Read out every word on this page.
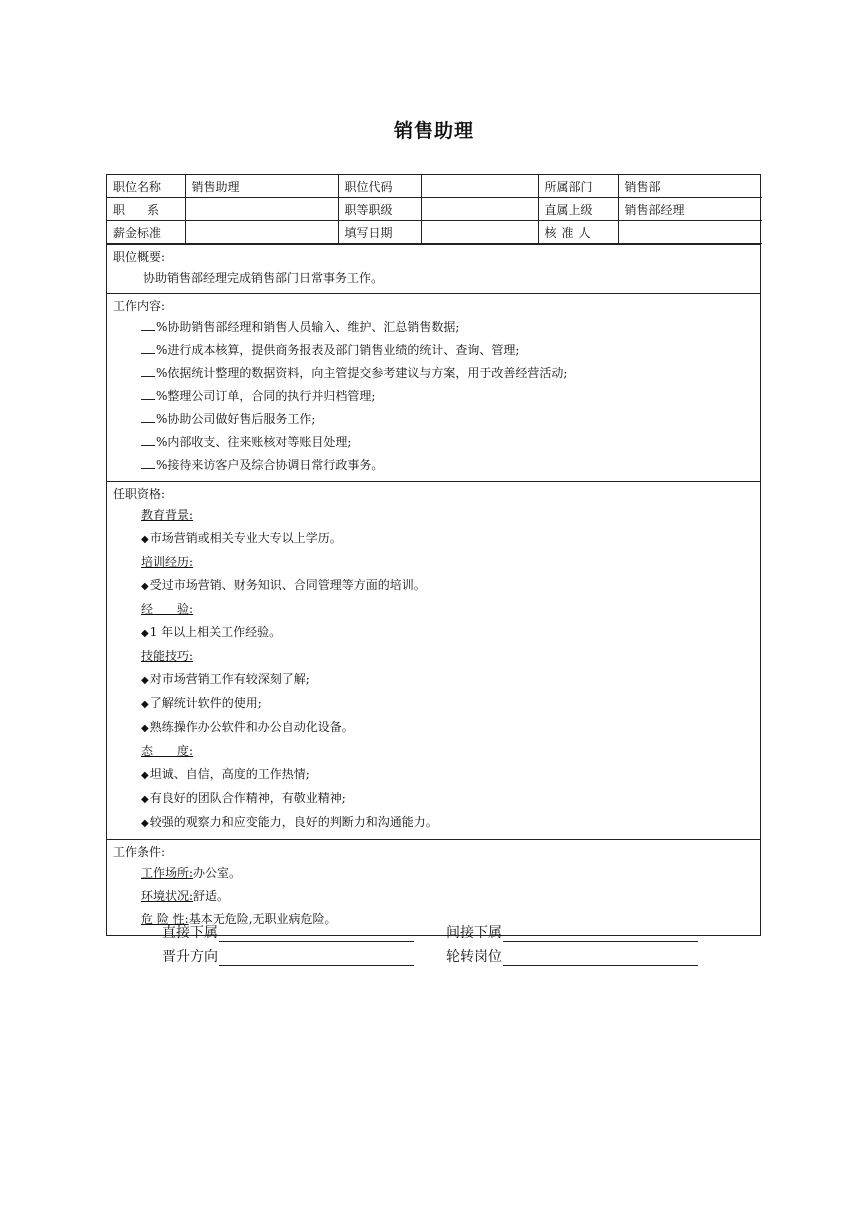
销售助理
职位名称	销售助理	职位代码		所属部门	销售部
职系		职等职级		直属上级	销售部经理
薪金标准		填写日期		核准人	
职位概要:
协助销售部经理完成销售部门日常事务工作。
工作内容:
%协助销售部经理和销售人员输入、维护、汇总销售数据;
%进行成本核算，提供商务报表及部门销售业绩的统计、查询、管理;
%依据统计整理的数据资料，向主管提交参考建议与方案，用于改善经营活动;
%整理公司订单，合同的执行并归档管理;
%协助公司做好售后服务工作;
%内部收支、往来账核对等账目处理;
%接待来访客户及综合协调日常行政事务。
任职资格:
教育背景:
◆市场营销或相关专业大专以上学历。
培训经历:
◆受过市场营销、财务知识、合同管理等方面的培训。
经　　验:
◆1 年以上相关工作经验。
技能技巧:
◆对市场营销工作有较深刻了解;
◆了解统计软件的使用;
◆熟练操作办公软件和办公自动化设备。
态　　度:
◆坦诚、自信，高度的工作热情;
◆有良好的团队合作精神，有敬业精神;
◆较强的观察力和应变能力，良好的判断力和沟通能力。
工作条件:
工作场所:办公室。
环境状况:舒适。
危 险 性:基本无危险,无职业病危险。
直接下属	间接下属
晋升方向	轮转岗位
